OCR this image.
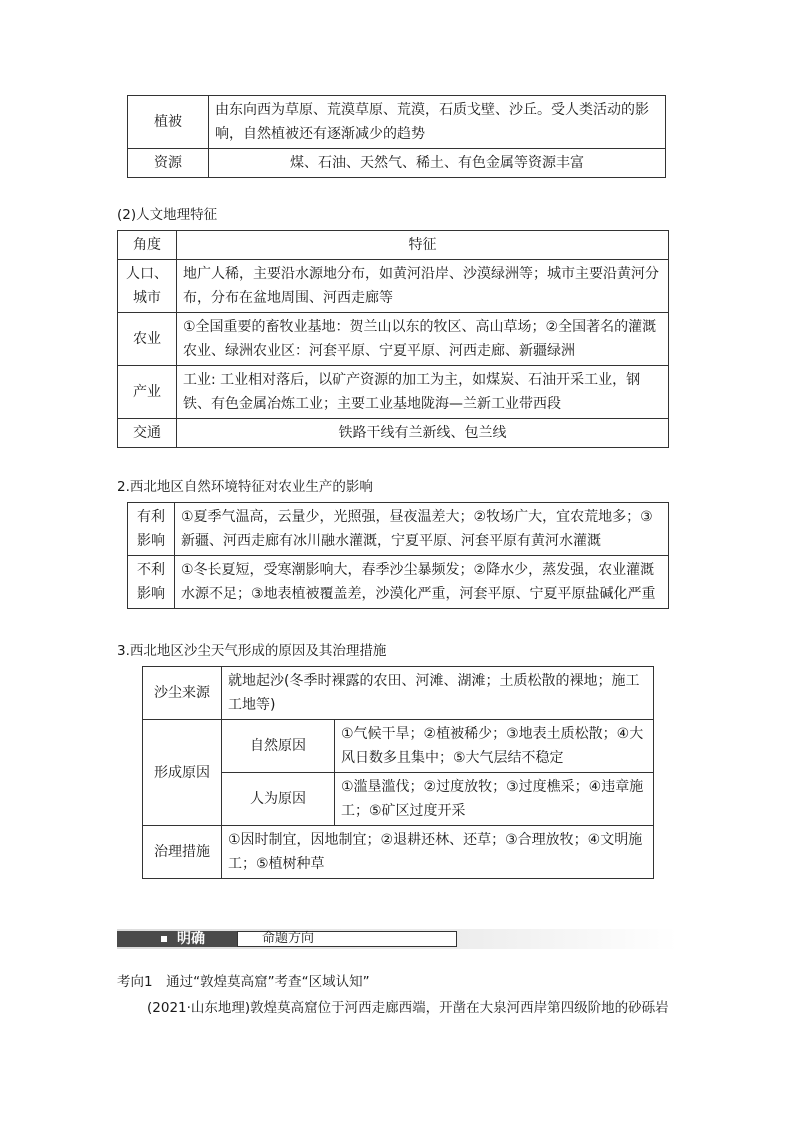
植被	由东向西为草原、荒漠草原、荒漠，石质戈壁、沙丘。受人类活动的影响，自然植被还有逐渐减少的趋势
资源	煤、石油、天然气、稀土、有色金属等资源丰富
(2)人文地理特征
角度	特征
人口、城市	地广人稀，主要沿水源地分布，如黄河沿岸、沙漠绿洲等；城市主要沿黄河分布，分布在盆地周围、河西走廊等
农业	①全国重要的畜牧业基地：贺兰山以东的牧区、高山草场；②全国著名的灌溉农业、绿洲农业区：河套平原、宁夏平原、河西走廊、新疆绿洲
产业	工业: 工业相对落后，以矿产资源的加工为主，如煤炭、石油开采工业，钢铁、有色金属冶炼工业；主要工业基地陇海—兰新工业带西段
交通	铁路干线有兰新线、包兰线
2.西北地区自然环境特征对农业生产的影响
有利影响	①夏季气温高，云量少，光照强，昼夜温差大；②牧场广大，宜农荒地多；③新疆、河西走廊有冰川融水灌溉，宁夏平原、河套平原有黄河水灌溉
不利影响	①冬长夏短，受寒潮影响大，春季沙尘暴频发；②降水少，蒸发强，农业灌溉水源不足；③地表植被覆盖差，沙漠化严重，河套平原、宁夏平原盐碱化严重
3.西北地区沙尘天气形成的原因及其治理措施
沙尘来源	就地起沙(冬季时裸露的农田、河滩、湖滩；土质松散的裸地；施工工地等)	
形成原因	自然原因	①气候干旱；②植被稀少；③地表土质松散；④大风日数多且集中；⑤大气层结不稳定
	人为原因	①滥垦滥伐；②过度放牧；③过度樵采；④违章施工；⑤矿区过度开采
治理措施	①因时制宜，因地制宜；②退耕还林、还草；③合理放牧；④文明施工；⑤植树种草	
明确	命题方向
考向1　通过“敦煌莫高窟”考查“区域认知”
(2021·山东地理)敦煌莫高窟位于河西走廊西端，开凿在大泉河西岸第四级阶地的砂砾岩
